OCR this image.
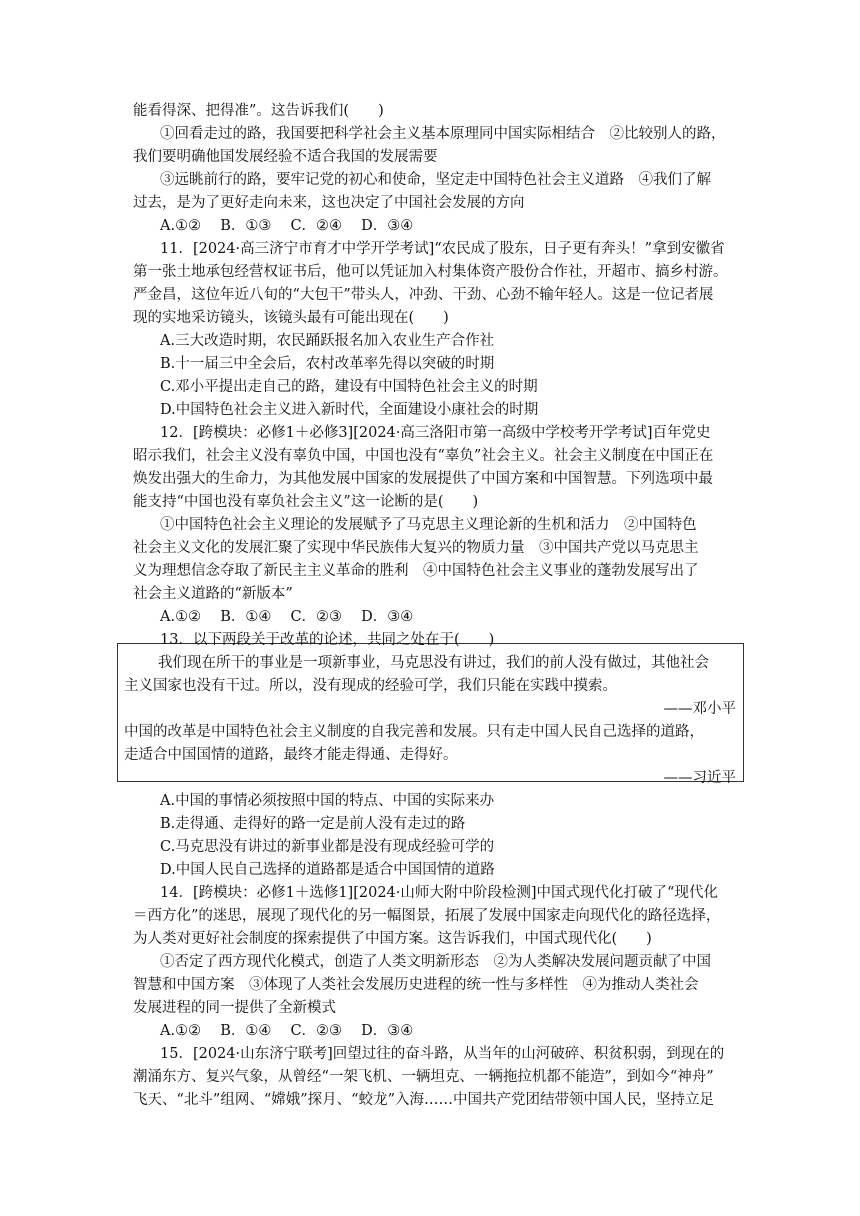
能看得深、把得准”。这告诉我们(　　)
①回看走过的路，我国要把科学社会主义基本原理同中国实际相结合　②比较别人的路，
我们要明确他国发展经验不适合我国的发展需要
③远眺前行的路，要牢记党的初心和使命，坚定走中国特色社会主义道路　④我们了解
过去，是为了更好走向未来，这也决定了中国社会发展的方向
A.①②　 B．①③　 C．②④　 D．③④
11．[2024·高三济宁市育才中学开学考试]“农民成了股东，日子更有奔头！”拿到安徽省
第一张土地承包经营权证书后，他可以凭证加入村集体资产股份合作社，开超市、搞乡村游。
严金昌，这位年近八旬的“大包干”带头人，冲劲、干劲、心劲不输年轻人。这是一位记者展
现的实地采访镜头，该镜头最有可能出现在(　　)
A.三大改造时期，农民踊跃报名加入农业生产合作社
B.十一届三中全会后，农村改革率先得以突破的时期
C.邓小平提出走自己的路，建设有中国特色社会主义的时期
D.中国特色社会主义进入新时代，全面建设小康社会的时期
12．[跨模块：必修1＋必修3][2024·高三洛阳市第一高级中学校考开学考试]百年党史
昭示我们，社会主义没有辜负中国，中国也没有“辜负”社会主义。社会主义制度在中国正在
焕发出强大的生命力，为其他发展中国家的发展提供了中国方案和中国智慧。下列选项中最
能支持“中国也没有辜负社会主义”这一论断的是(　　)
①中国特色社会主义理论的发展赋予了马克思主义理论新的生机和活力　②中国特色
社会主义文化的发展汇聚了实现中华民族伟大复兴的物质力量　③中国共产党以马克思主
义为理想信念夺取了新民主主义革命的胜利　④中国特色社会主义事业的蓬勃发展写出了
社会主义道路的“新版本”
A.①②　 B．①④　 C．②③　 D．③④
13．以下两段关于改革的论述，共同之处在于(　　)
我们现在所干的事业是一项新事业，马克思没有讲过，我们的前人没有做过，其他社会
主义国家也没有干过。所以，没有现成的经验可学，我们只能在实践中摸索。
——邓小平
中国的改革是中国特色社会主义制度的自我完善和发展。只有走中国人民自己选择的道路，
走适合中国国情的道路，最终才能走得通、走得好。
——习近平
A.中国的事情必须按照中国的特点、中国的实际来办
B.走得通、走得好的路一定是前人没有走过的路
C.马克思没有讲过的新事业都是没有现成经验可学的
D.中国人民自己选择的道路都是适合中国国情的道路
14．[跨模块：必修1＋选修1][2024·山师大附中阶段检测]中国式现代化打破了“现代化
＝西方化”的迷思，展现了现代化的另一幅图景，拓展了发展中国家走向现代化的路径选择，
为人类对更好社会制度的探索提供了中国方案。这告诉我们，中国式现代化(　　)
①否定了西方现代化模式，创造了人类文明新形态　②为人类解决发展问题贡献了中国
智慧和中国方案　③体现了人类社会发展历史进程的统一性与多样性　④为推动人类社会
发展进程的同一提供了全新模式
A.①②　 B．①④　 C．②③　 D．③④
15．[2024·山东济宁联考]回望过往的奋斗路，从当年的山河破碎、积贫积弱，到现在的
潮涌东方、复兴气象，从曾经“一架飞机、一辆坦克、一辆拖拉机都不能造”，到如今“神舟”
飞天、“北斗”组网、“嫦娥”探月、“蛟龙”入海……中国共产党团结带领中国人民，坚持立足
